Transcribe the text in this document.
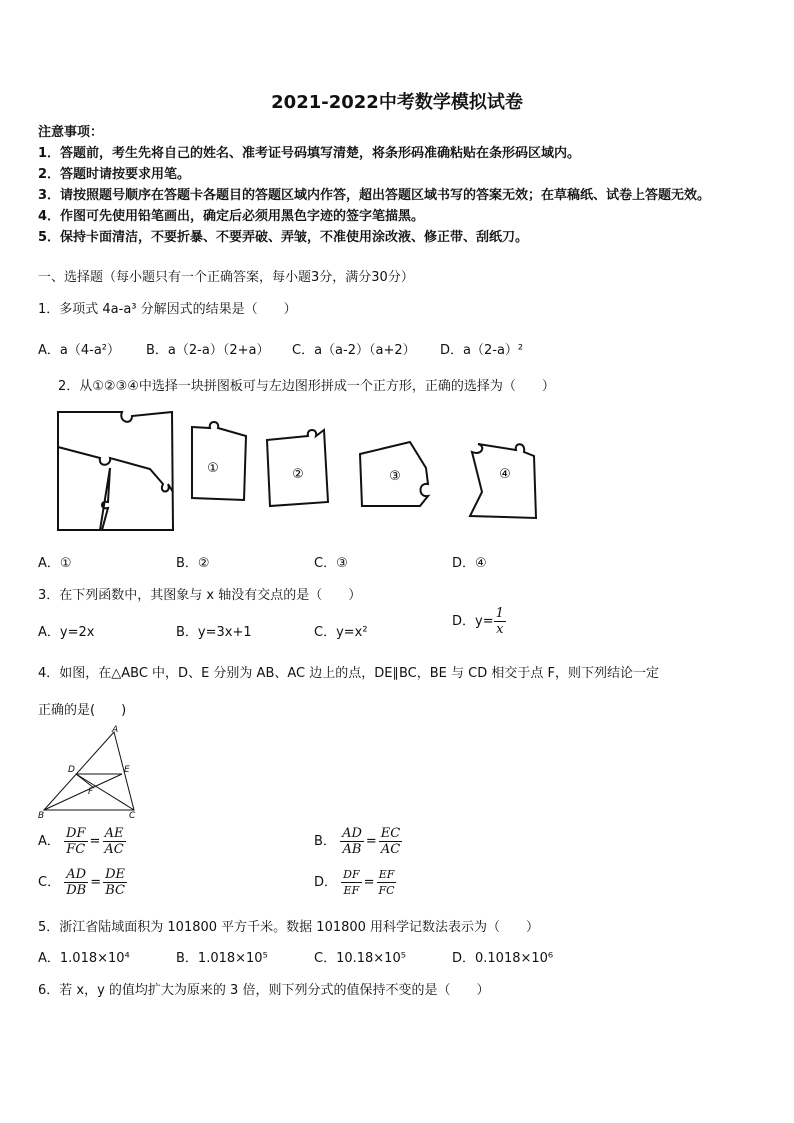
2021-2022中考数学模拟试卷
注意事项：
1．答题前，考生先将自己的姓名、准考证号码填写清楚，将条形码准确粘贴在条形码区域内。
2．答题时请按要求用笔。
3．请按照题号顺序在答题卡各题目的答题区域内作答，超出答题区域书写的答案无效；在草稿纸、试卷上答题无效。
4．作图可先使用铅笔画出，确定后必须用黑色字迹的签字笔描黑。
5．保持卡面清洁，不要折暴、不要弄破、弄皱，不准使用涂改液、修正带、刮纸刀。
一、选择题（每小题只有一个正确答案，每小题3分，满分30分）
1．多项式 4a-a³ 分解因式的结果是（　　）
A．a（4-a²） B．a（2-a）（2+a） C．a（a-2）（a+2） D．a（2-a）²
2．从①②③④中选择一块拼图板可与左边图形拼成一个正方形，正确的选择为（　　）
①	②	③	④
A．①	B．②	C．③	D．④
3．在下列函数中，其图象与 x 轴没有交点的是（　　）
A．y=2x	B．y=3x+1	C．y=x²
D．$y= \frac{1}{x}$
4．如图，在△ABC 中，D、E 分别为 AB、AC 边上的点，DE∥BC，BE 与 CD 相交于点 F，则下列结论一定
正确的是(　　)
A
B	C
D	E
F
A． $\frac{DF}{FC} = \frac{AE}{AC}$	B． $\frac{AD}{AB} = \frac{EC}{AC}$
C． $\frac{AD}{DB} = \frac{DE}{BC}$	D． $\frac{DF}{EF} = \frac{EF}{FC}$
5．浙江省陆域面积为 101800 平方千米。数据 101800 用科学记数法表示为（　　）
A．1.018×10⁴	B．1.018×10⁵	C．10.18×10⁵	D．0.1018×10⁶
6．若 x，y 的值均扩大为原来的 3 倍，则下列分式的值保持不变的是（　　）
